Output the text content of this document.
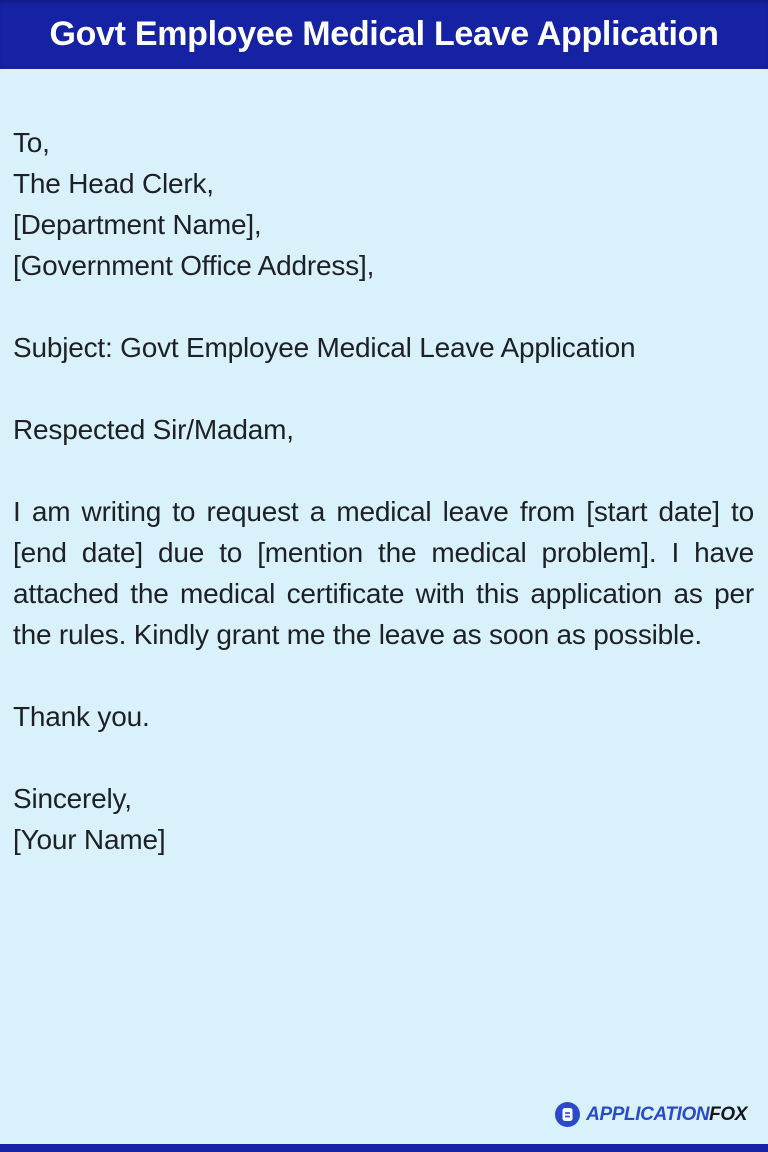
Govt Employee Medical Leave Application
To,
The Head Clerk,
[Department Name],
[Government Office Address],
Subject: Govt Employee Medical Leave Application
Respected Sir/Madam,
I am writing to request a medical leave from [start date] to [end date] due to [mention the medical problem]. I have attached the medical certificate with this application as per the rules. Kindly grant me the leave as soon as possible.
Thank you.
Sincerely,
[Your Name]
APPLICATIONFOX
